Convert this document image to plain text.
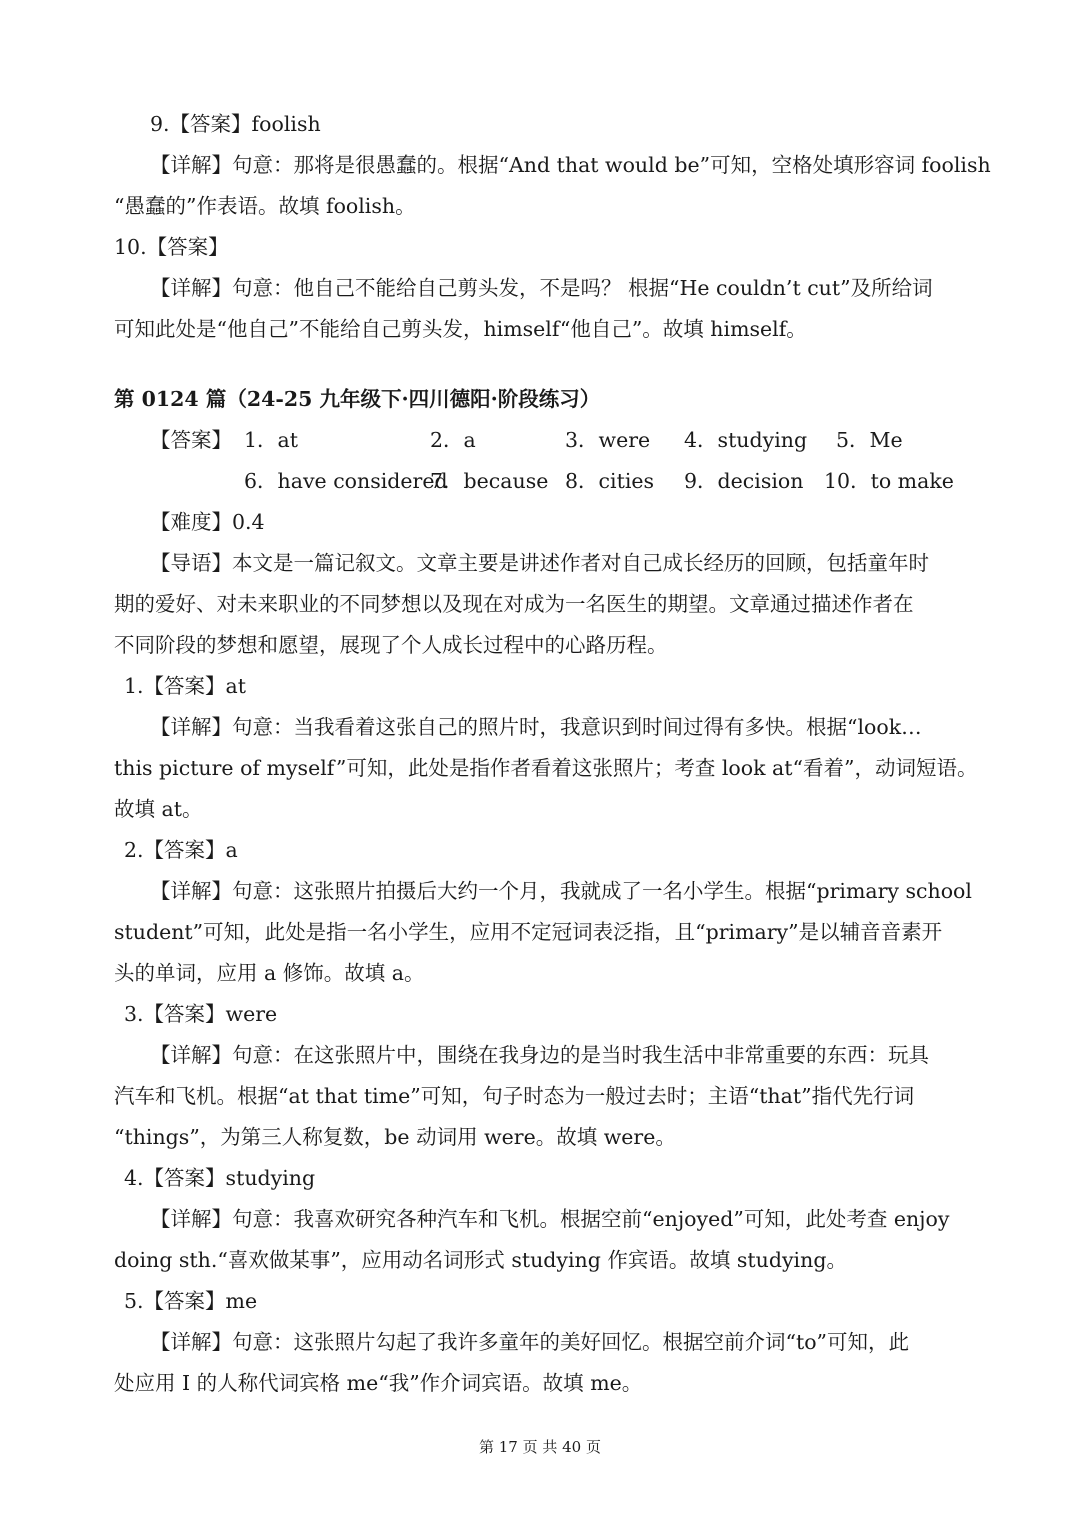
9.【答案】foolish
【详解】句意：那将是很愚蠢的。根据“And that would be”可知，空格处填形容词 foolish
“愚蠢的”作表语。故填 foolish。
10.【答案】
【详解】句意：他自己不能给自己剪头发，不是吗？ 根据“He couldn’t cut”及所给词
可知此处是“他自己”不能给自己剪头发，himself“他自己”。故填 himself。
第 0124 篇（24-25 九年级下·四川德阳·阶段练习）
【答案】 1．at	2．a	3．were 4．studying 5．Me
6．have considered
7．because 8．cities 9．decision 10．to make
【难度】0.4
【导语】本文是一篇记叙文。文章主要是讲述作者对自己成长经历的回顾，包括童年时
期的爱好、对未来职业的不同梦想以及现在对成为一名医生的期望。文章通过描述作者在
不同阶段的梦想和愿望，展现了个人成长过程中的心路历程。
1.【答案】at
【详解】句意：当我看着这张自己的照片时，我意识到时间过得有多快。根据“look…
this picture of myself”可知，此处是指作者看着这张照片；考查 look at“看着”，动词短语。
故填 at。
2.【答案】a
【详解】句意：这张照片拍摄后大约一个月，我就成了一名小学生。根据“primary school
student”可知，此处是指一名小学生，应用不定冠词表泛指，且“primary”是以辅音音素开
头的单词，应用 a 修饰。故填 a。
3.【答案】were
【详解】句意：在这张照片中，围绕在我身边的是当时我生活中非常重要的东西：玩具
汽车和飞机。根据“at that time”可知，句子时态为一般过去时；主语“that”指代先行词
“things”，为第三人称复数，be 动词用 were。故填 were。
4.【答案】studying
【详解】句意：我喜欢研究各种汽车和飞机。根据空前“enjoyed”可知，此处考查 enjoy
doing sth.“喜欢做某事”，应用动名词形式 studying 作宾语。故填 studying。
5.【答案】me
【详解】句意：这张照片勾起了我许多童年的美好回忆。根据空前介词“to”可知，此
处应用 I 的人称代词宾格 me“我”作介词宾语。故填 me。
第 17 页 共 40 页
